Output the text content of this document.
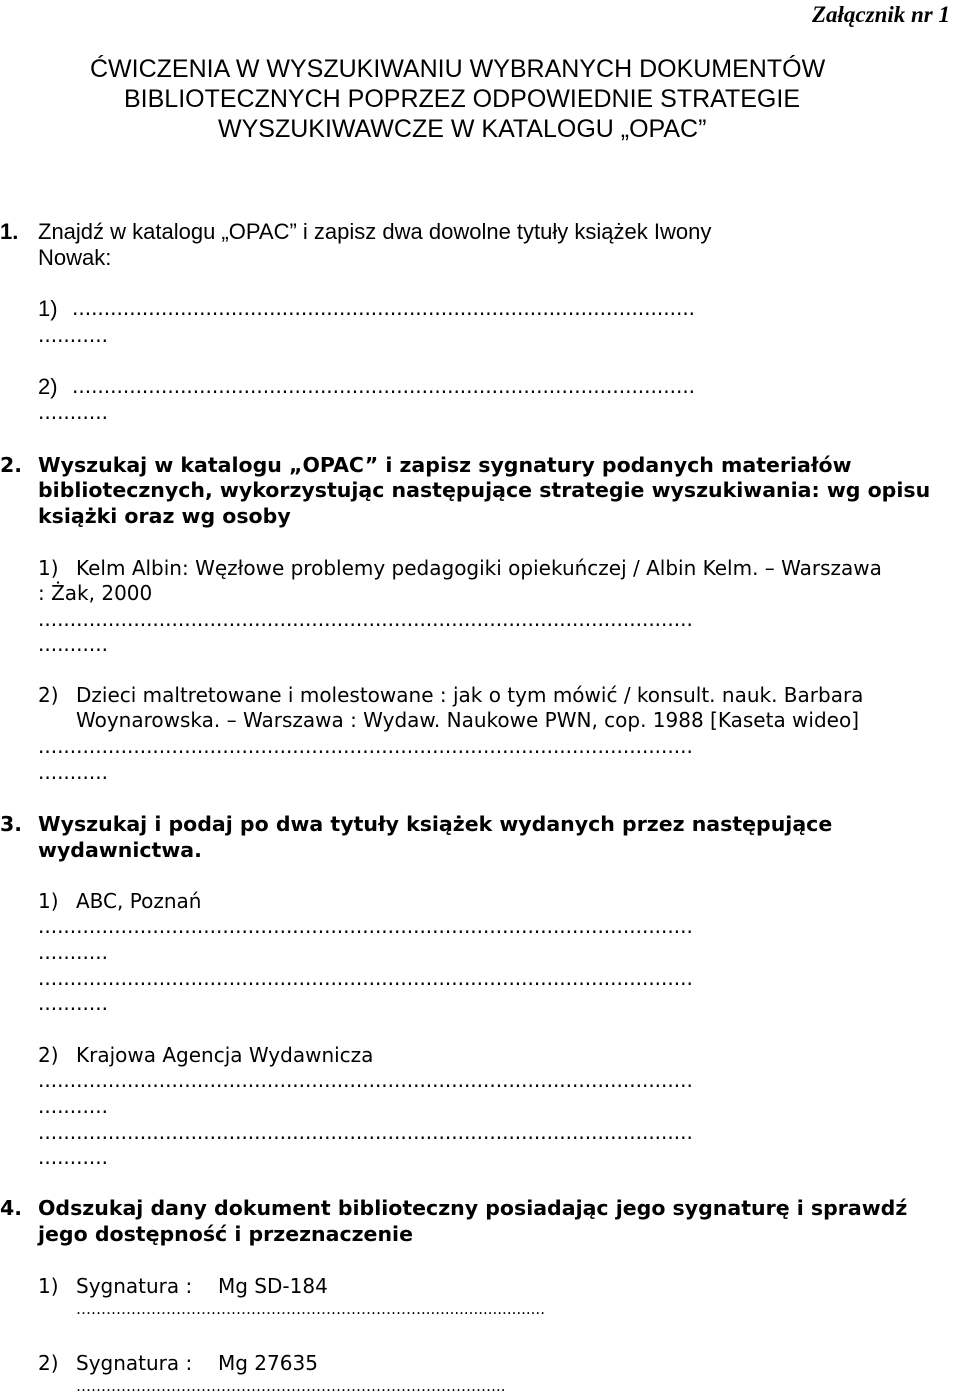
Załącznik nr 1
ĆWICZENIA W WYSZUKIWANIU WYBRANYCH DOKUMENTÓW
BIBLIOTECZNYCH POPRZEZ ODPOWIEDNIE STRATEGIE
WYSZUKIWAWCZE W KATALOGU „OPAC”
1. Znajdź w katalogu „OPAC” i zapisz dwa dowolne tytuły książek Iwony
Nowak:
1) ..................................................................................................
...........
2) ..................................................................................................
...........
2. Wyszukaj w katalogu „OPAC” i zapisz sygnatury podanych materiałów
bibliotecznych, wykorzystując następujące strategie wyszukiwania: wg opisu
książki oraz wg osoby
1) Kelm Albin: Węzłowe problemy pedagogiki opiekuńczej / Albin Kelm. – Warszawa
: Żak, 2000
.......................................................................................................
...........
2) Dzieci maltretowane i molestowane : jak o tym mówić / konsult. nauk. Barbara
Woynarowska. – Warszawa : Wydaw. Naukowe PWN, cop. 1988 [Kaseta wideo]
.......................................................................................................
...........
3. Wyszukaj i podaj po dwa tytuły książek wydanych przez następujące
wydawnictwa.
1) ABC, Poznań
.......................................................................................................
...........
.......................................................................................................
...........
2) Krajowa Agencja Wydawnicza
.......................................................................................................
...........
.......................................................................................................
...........
4. Odszukaj dany dokument biblioteczny posiadając jego sygnaturę i sprawdź
jego dostępność i przeznaczenie
1) Sygnatura : Mg SD-184
……………………………………………………………..........................
2) Sygnatura : Mg 27635
…………………………………………………………………………..
